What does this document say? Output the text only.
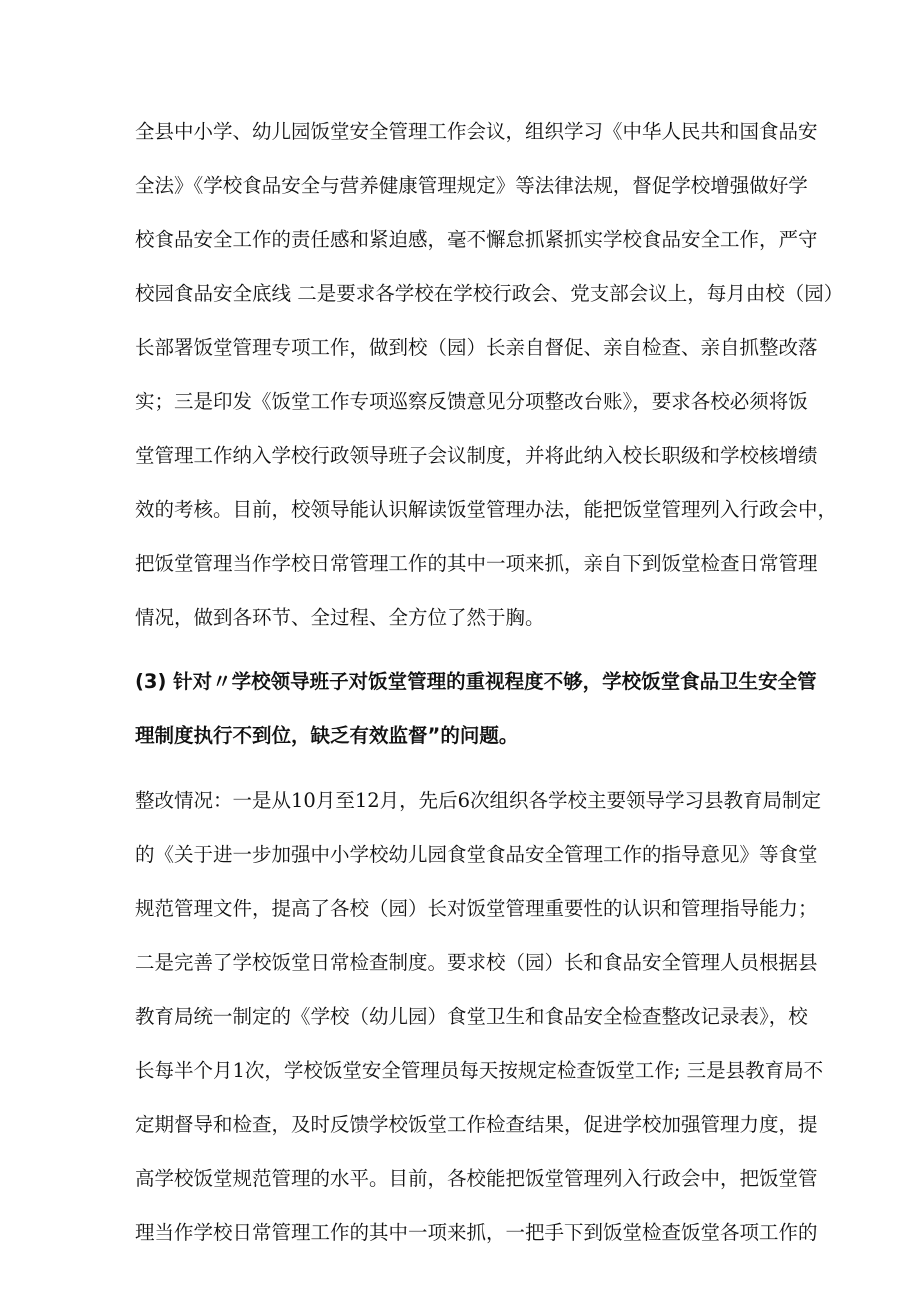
全县中小学、幼儿园饭堂安全管理工作会议，组织学习《中华人民共和国食品安
全法》《学校食品安全与营养健康管理规定》等法律法规，督促学校增强做好学
校食品安全工作的责任感和紧迫感，毫不懈怠抓紧抓实学校食品安全工作，严守
校园食品安全底线 二是要求各学校在学校行政会、党支部会议上，每月由校（园）
长部署饭堂管理专项工作，做到校（园）长亲自督促、亲自检查、亲自抓整改落
实；三是印发《饭堂工作专项巡察反馈意见分项整改台账》，要求各校必须将饭
堂管理工作纳入学校行政领导班子会议制度，并将此纳入校长职级和学校核增绩
效的考核。目前，校领导能认识解读饭堂管理办法，能把饭堂管理列入行政会中，
把饭堂管理当作学校日常管理工作的其中一项来抓，亲自下到饭堂检查日常管理
情况，做到各环节、全过程、全方位了然于胸。
(3) 针对〃学校领导班子对饭堂管理的重视程度不够，学校饭堂食品卫生安全管
理制度执行不到位，缺乏有效监督”的问题。
整改情况：一是从10月至12月，先后6次组织各学校主要领导学习县教育局制定
的《关于进一步加强中小学校幼儿园食堂食品安全管理工作的指导意见》等食堂
规范管理文件，提高了各校（园）长对饭堂管理重要性的认识和管理指导能力；
二是完善了学校饭堂日常检查制度。要求校（园）长和食品安全管理人员根据县
教育局统一制定的《学校（幼儿园）食堂卫生和食品安全检查整改记录表》，校
长每半个月1次，学校饭堂安全管理员每天按规定检查饭堂工作; 三是县教育局不
定期督导和检查，及时反馈学校饭堂工作检查结果，促进学校加强管理力度，提
高学校饭堂规范管理的水平。目前，各校能把饭堂管理列入行政会中，把饭堂管
理当作学校日常管理工作的其中一项来抓，一把手下到饭堂检查饭堂各项工作的
